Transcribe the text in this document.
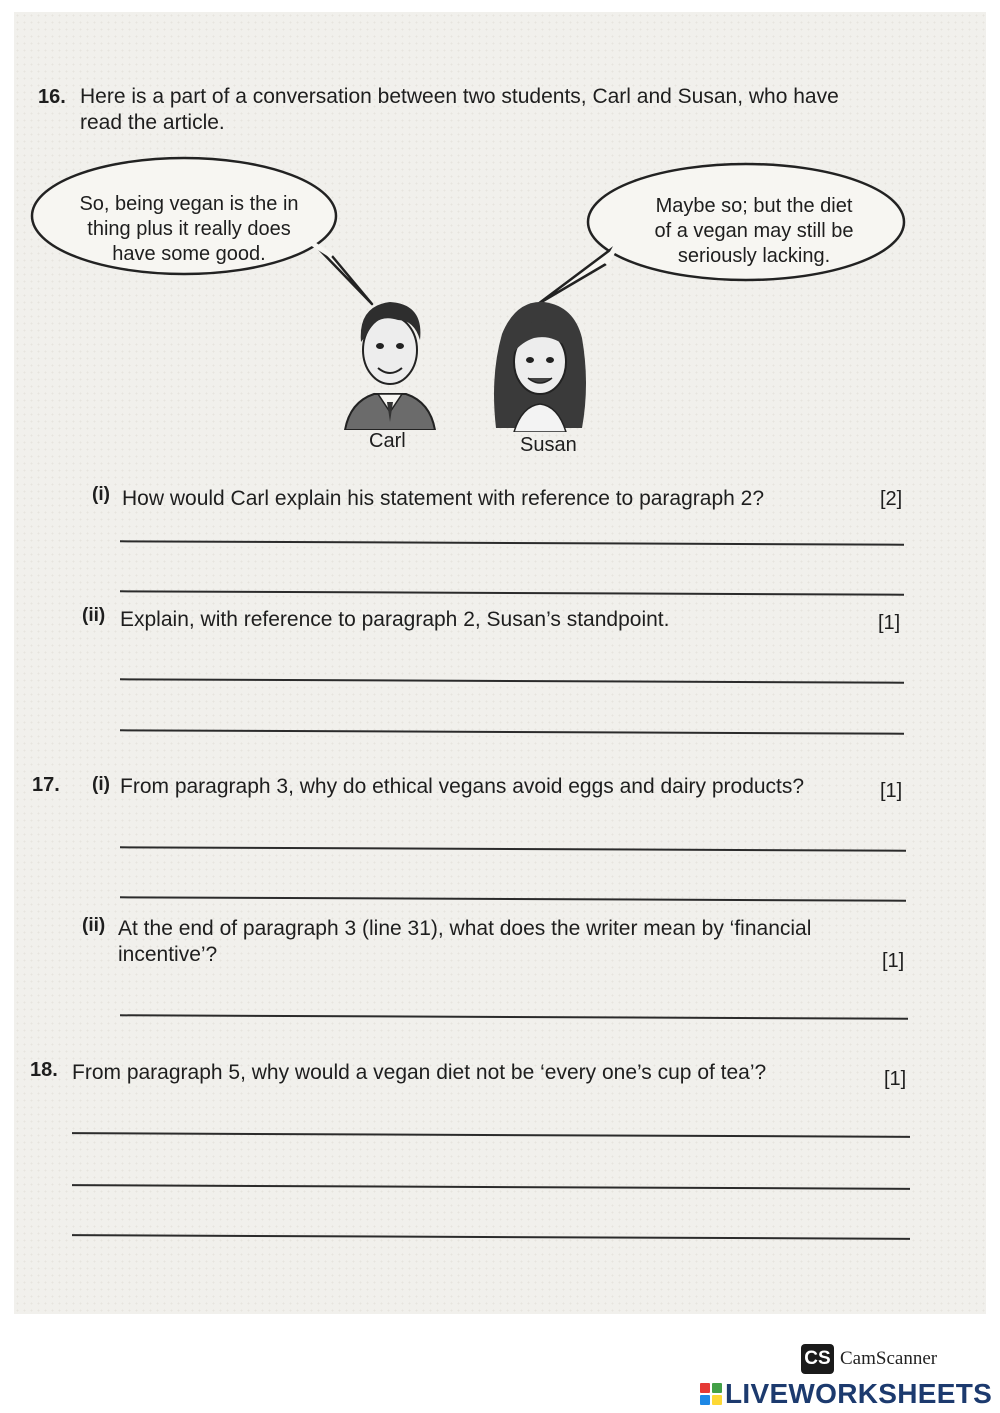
16. Here is a part of a conversation between two students, Carl and Susan, who have
read the article.
So, being vegan is the in
thing plus it really does
have some good.
Maybe so; but the diet
of a vegan may still be
seriously lacking.
Carl	Susan
(i) How would Carl explain his statement with reference to paragraph 2?	[2]
(ii) Explain, with reference to paragraph 2, Susan’s standpoint.	[1]
17. (i) From paragraph 3, why do ethical vegans avoid eggs and dairy products?	[1]
(ii) At the end of paragraph 3 (line 31), what does the writer mean by ‘financial
incentive’?	[1]
18. From paragraph 5, why would a vegan diet not be ‘every one’s cup of tea’?	[1]
CS CamScanner
LIVEWORKSHEETS
